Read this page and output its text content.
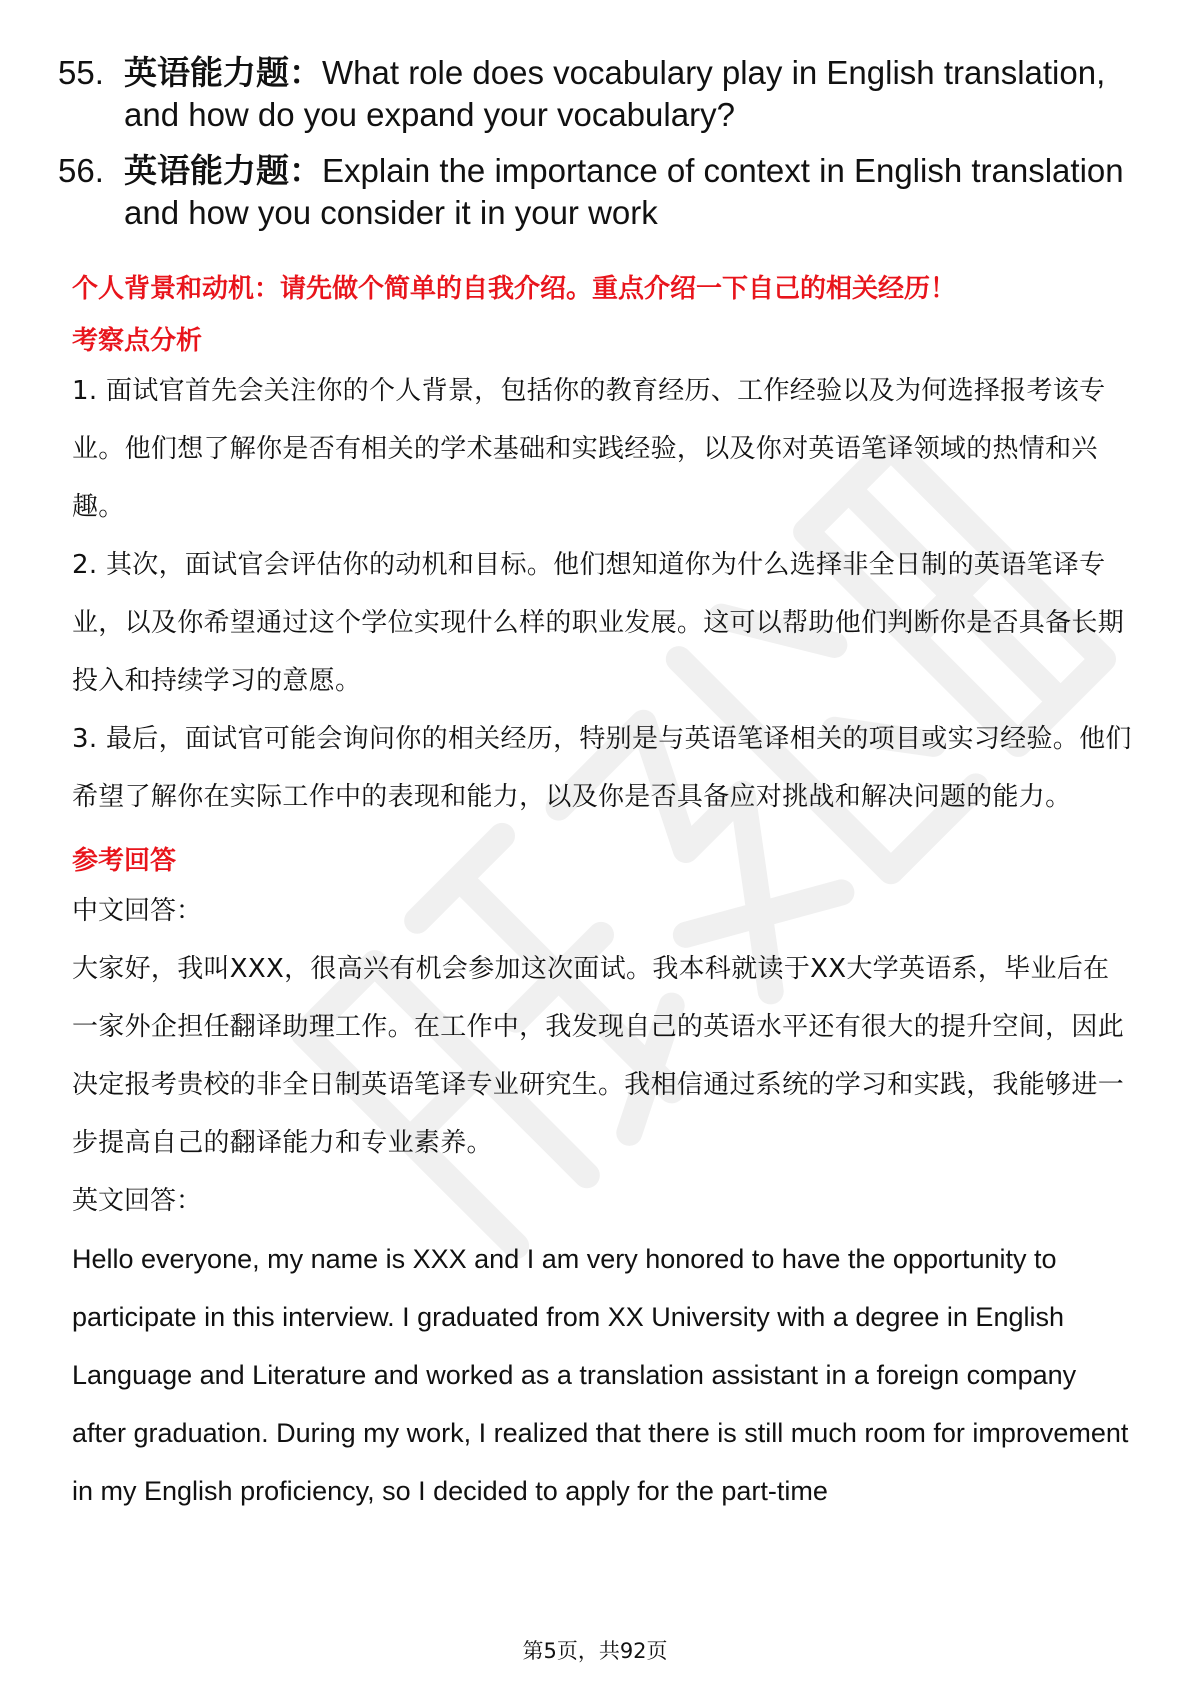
55. 英语能力题：What role does vocabulary play in English translation, and how do you expand your vocabulary?
56. 英语能力题：Explain the importance of context in English translation and how you consider it in your work

个人背景和动机：请先做个简单的自我介绍。重点介绍一下自己的相关经历！

考察点分析

1. 面试官首先会关注你的个人背景，包括你的教育经历、工作经验以及为何选择报考该专业。他们想了解你是否有相关的学术基础和实践经验，以及你对英语笔译领域的热情和兴趣。

2. 其次，面试官会评估你的动机和目标。他们想知道你为什么选择非全日制的英语笔译专业，以及你希望通过这个学位实现什么样的职业发展。这可以帮助他们判断你是否具备长期投入和持续学习的意愿。

3. 最后，面试官可能会询问你的相关经历，特别是与英语笔译相关的项目或实习经验。他们希望了解你在实际工作中的表现和能力，以及你是否具备应对挑战和解决问题的能力。

参考回答

中文回答：

大家好，我叫XXX，很高兴有机会参加这次面试。我本科就读于XX大学英语系，毕业后在一家外企担任翻译助理工作。在工作中，我发现自己的英语水平还有很大的提升空间，因此决定报考贵校的非全日制英语笔译专业研究生。我相信通过系统的学习和实践，我能够进一步提高自己的翻译能力和专业素养。

英文回答：

Hello everyone, my name is XXX and I am very honored to have the opportunity to participate in this interview. I graduated from XX University with a degree in English Language and Literature and worked as a translation assistant in a foreign company after graduation. During my work, I realized that there is still much room for improvement in my English proficiency, so I decided to apply for the part-time

第5页，共92页
